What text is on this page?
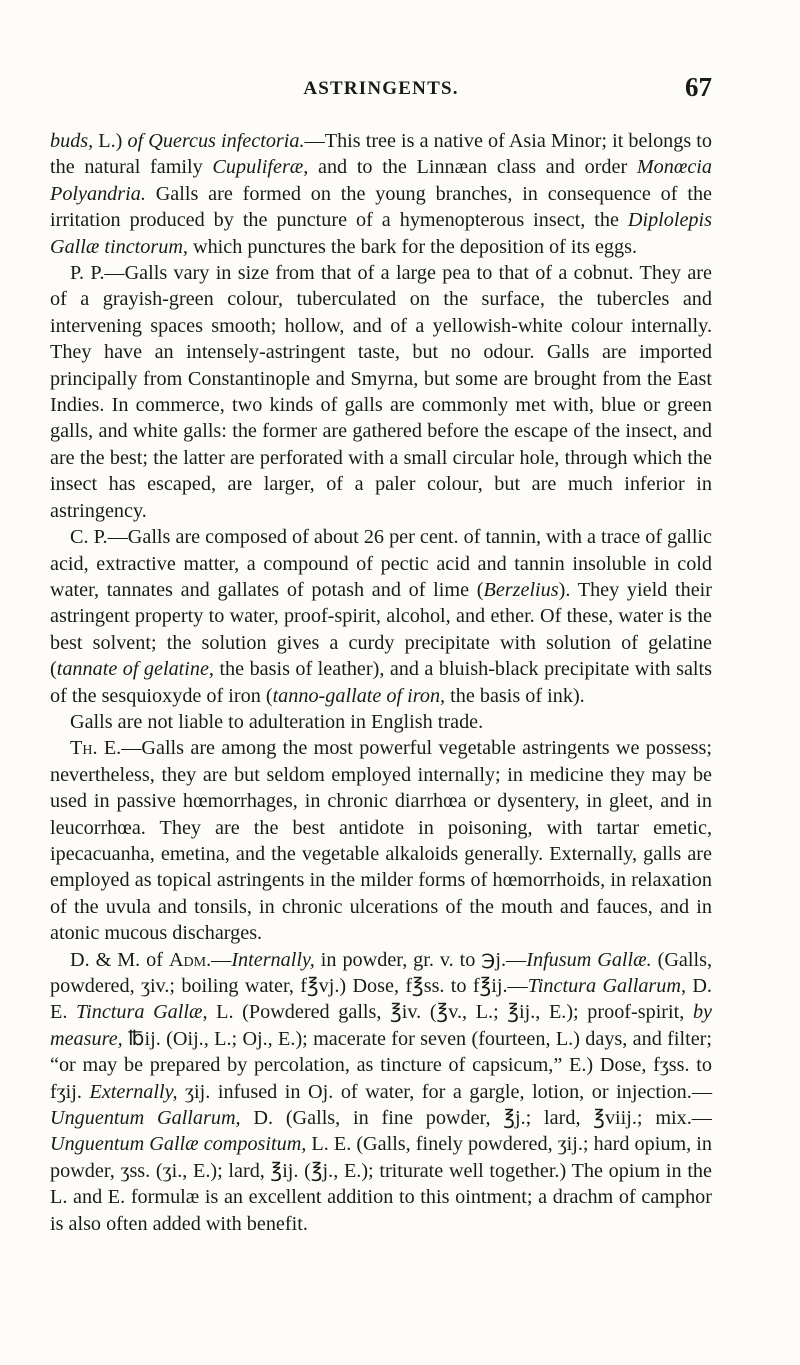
ASTRINGENTS.	67

buds, L.) of Quercus infectoria.—This tree is a native of Asia Minor; it belongs to the natural family Cupuliferæ, and to the Linnæan class and order Monœcia Polyandria. Galls are formed on the young branches, in consequence of the irritation produced by the puncture of a hymenopterous insect, the Diplolepis Gallæ tinctorum, which punctures the bark for the deposition of its eggs.

P. P.—Galls vary in size from that of a large pea to that of a cobnut. They are of a grayish-green colour, tuberculated on the surface, the tubercles and intervening spaces smooth; hollow, and of a yellowish-white colour internally. They have an intensely-astringent taste, but no odour. Galls are imported principally from Constantinople and Smyrna, but some are brought from the East Indies. In commerce, two kinds of galls are commonly met with, blue or green galls, and white galls: the former are gathered before the escape of the insect, and are the best; the latter are perforated with a small circular hole, through which the insect has escaped, are larger, of a paler colour, but are much inferior in astringency.

C. P.—Galls are composed of about 26 per cent. of tannin, with a trace of gallic acid, extractive matter, a compound of pectic acid and tannin insoluble in cold water, tannates and gallates of potash and of lime (Berzelius). They yield their astringent property to water, proof-spirit, alcohol, and ether. Of these, water is the best solvent; the solution gives a curdy precipitate with solution of gelatine (tannate of gelatine, the basis of leather), and a bluish-black precipitate with salts of the sesquioxyde of iron (tanno-gallate of iron, the basis of ink).

Galls are not liable to adulteration in English trade.

Th. E.—Galls are among the most powerful vegetable astringents we possess; nevertheless, they are but seldom employed internally; in medicine they may be used in passive hœmorrhages, in chronic diarrhœa or dysentery, in gleet, and in leucorrhœa. They are the best antidote in poisoning, with tartar emetic, ipecacuanha, emetina, and the vegetable alkaloids generally. Externally, galls are employed as topical astringents in the milder forms of hœmorrhoids, in relaxation of the uvula and tonsils, in chronic ulcerations of the mouth and fauces, and in atonic mucous discharges.

D. & M. of Adm.—Internally, in powder, gr. v. to ℈j.—Infusum Gallæ. (Galls, powdered, ʒiv.; boiling water, f℥vj.) Dose, f℥ss. to f℥ij.—Tinctura Gallarum, D. E. Tinctura Gallæ, L. (Powdered galls, ℥iv. (℥v., L.; ℥ij., E.); proof-spirit, by measure, ℔ij. (Oij., L.; Oj., E.); macerate for seven (fourteen, L.) days, and filter; “or may be prepared by percolation, as tincture of capsicum,” E.) Dose, fʒss. to fʒij. Externally, ʒij. infused in Oj. of water, for a gargle, lotion, or injection.—Unguentum Gallarum, D. (Galls, in fine powder, ℥j.; lard, ℥viij.; mix.—Unguentum Gallæ compositum, L. E. (Galls, finely powdered, ʒij.; hard opium, in powder, ʒss. (ʒi., E.); lard, ℥ij. (℥j., E.); triturate well together.) The opium in the L. and E. formulæ is an excellent addition to this ointment; a drachm of camphor is also often added with benefit.
